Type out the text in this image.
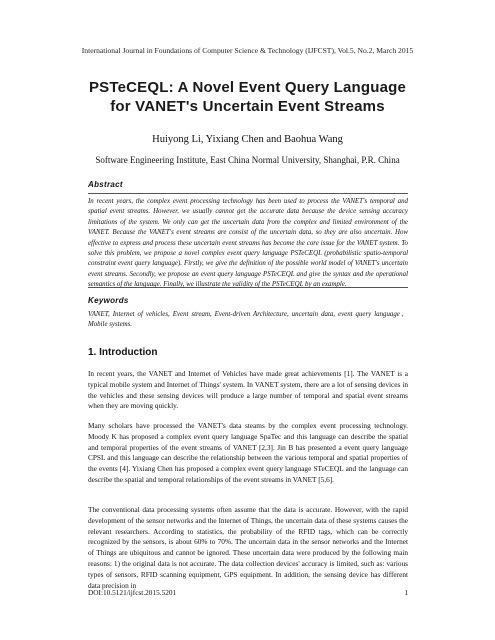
International Journal in Foundations of Computer Science & Technology (IJFCST), Vol.5, No.2, March 2015
PSTeCEQL: A Novel Event Query Language
for VANET's Uncertain Event Streams
Huiyong Li, Yixiang Chen and Baohua Wang
Software Engineering Institute, East China Normal University, Shanghai, P.R. China
Abstract

In recent years, the complex event processing technology has been used to process the VANET's temporal and spatial event streams. However, we usually cannot get the accurate data because the device sensing accuracy limitations of the system. We only can get the uncertain data from the complex and limited environment of the VANET. Because the VANET's event streams are consist of the uncertain data, so they are also uncertain. How effective to express and process these uncertain event streams has become the core issue for the VANET system. To solve this problem, we propose a novel complex event query language PSTeCEQL (probabilistic spatio-temporal constraint event query language). Firstly, we give the definition of the possible world model of VANET's uncertain event streams. Secondly, we propose an event query language PSTeCEQL and give the syntax and the operational semantics of the language. Finally, we illustrate the validity of the PSTeCEQL by an example.

Keywords

VANET, Internet of vehicles, Event stream, Event-driven Architecture, uncertain data, event query language、 Mobile systems.

1. Introduction

In recent years, the VANET and Internet of Vehicles have made great achievements [1]. The VANET is a typical mobile system and Internet of Things' system. In VANET system, there are a lot of sensing devices in the vehicles and these sensing devices will produce a large number of temporal and spatial event streams when they are moving quickly.

Many scholars have processed the VANET's data steams by the complex event processing technology. Moody K has proposed a complex event query language SpaTec and this language can describe the spatial and temporal properties of the event streams of VANET [2,3]. Jin B has presented a event query language CPSL and this language can describe the relationship between the various temporal and spatial properties of the events [4]. Yixiang Chen has proposed a complex event query language STeCEQL and the language can describe the spatial and temporal relationships of the event streams in VANET [5,6].

The conventional data processing systems often assume that the data is accurate. However, with the rapid development of the sensor networks and the Internet of Things, the uncertain data of these systems causes the relevant researchers. According to statistics, the probability of the RFID tags, which can be correctly recognized by the sensors, is about 60% to 70%. The uncertain data in the sensor networks and the Internet of Things are ubiquitous and cannot be ignored. These uncertain data were produced by the following main reasons: 1) the original data is not accurate. The data collection devices' accuracy is limited, such as: various types of sensors, RFID scanning equipment, GPS equipment. In addition, the sensing device has different data precision in

DOI:10.5121/ijfcst.2015.5201	1
